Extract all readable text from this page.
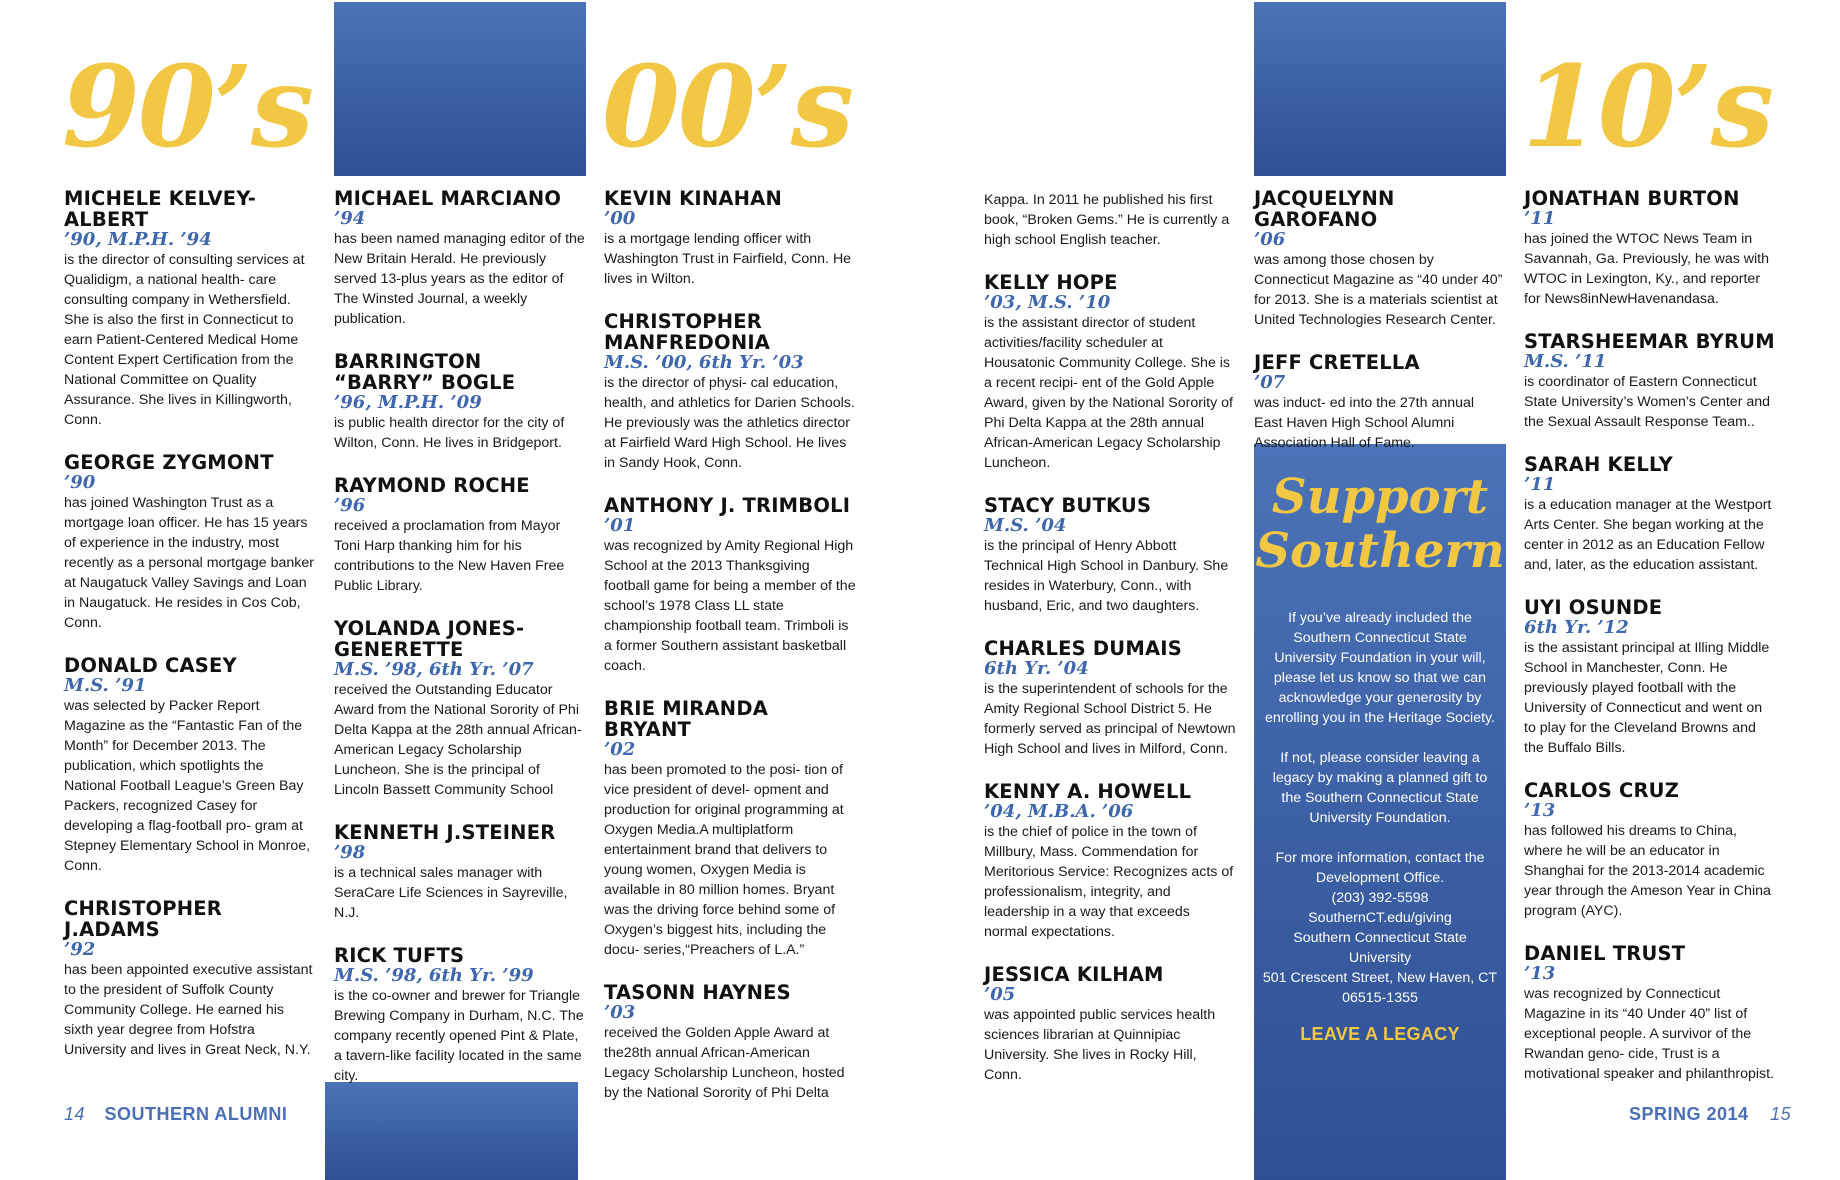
90’s	00’s	10’s
MICHELE KELVEY-ALBERT
’90, M.P.H. ’94
is the director of consulting services at Qualidigm, a national health- care consulting company in Wethersfield. She is also the first in Connecticut to earn Patient-Centered Medical Home Content Expert Certification from the National Committee on Quality Assurance. She lives in Killingworth, Conn.
GEORGE ZYGMONT
’90
has joined Washington Trust as a mortgage loan officer. He has 15 years of experience in the industry, most recently as a personal mortgage banker at Naugatuck Valley Savings and Loan in Naugatuck. He resides in Cos Cob, Conn.
DONALD CASEY
M.S. ’91
was selected by Packer Report Magazine as the “Fantastic Fan of the Month” for December 2013. The publication, which spotlights the National Football League’s Green Bay Packers, recognized Casey for developing a flag-football pro- gram at Stepney Elementary School in Monroe, Conn.
CHRISTOPHER J.ADAMS
’92
has been appointed executive assistant to the president of Suffolk County Community College. He earned his sixth year degree from Hofstra University and lives in Great Neck, N.Y.
MICHAEL MARCIANO
’94
has been named managing editor of the New Britain Herald. He previously served 13-plus years as the editor of The Winsted Journal, a weekly publication.
BARRINGTON “BARRY” BOGLE
’96, M.P.H. ’09
is public health director for the city of Wilton, Conn. He lives in Bridgeport.
RAYMOND ROCHE
’96
received a proclamation from Mayor Toni Harp thanking him for his contributions to the New Haven Free Public Library.
YOLANDA JONES-GENERETTE
M.S. ’98, 6th Yr. ’07
received the Outstanding Educator Award from the National Sorority of Phi Delta Kappa at the 28th annual African- American Legacy Scholarship Luncheon. She is the principal of Lincoln Bassett Community School
KENNETH J.STEINER
’98
is a technical sales manager with SeraCare Life Sciences in Sayreville, N.J.
RICK TUFTS
M.S. ’98, 6th Yr. ’99
is the co-owner and brewer for Triangle Brewing Company in Durham, N.C. The company recently opened Pint & Plate, a tavern-like facility located in the same city.
KEVIN KINAHAN
’00
is a mortgage lending officer with Washington Trust in Fairfield, Conn. He lives in Wilton.
CHRISTOPHER MANFREDONIA
M.S. ’00, 6th Yr. ’03
is the director of physi- cal education, health, and athletics for Darien Schools. He previously was the athletics director at Fairfield Ward High School. He lives in Sandy Hook, Conn.
ANTHONY J. TRIMBOLI
’01
was recognized by Amity Regional High School at the 2013 Thanksgiving football game for being a member of the school’s 1978 Class LL state championship football team. Trimboli is a former Southern assistant basketball coach.
BRIE MIRANDA BRYANT
’02
has been promoted to the posi- tion of vice president of devel- opment and production for original programming at Oxygen Media.A multiplatform entertainment brand that delivers to young women, Oxygen Media is available in 80 million homes. Bryant was the driving force behind some of Oxygen’s biggest hits, including the docu- series,“Preachers of L.A.”
TASONN HAYNES
’03
received the Golden Apple Award at the28th annual African-American Legacy Scholarship Luncheon, hosted by the National Sorority of Phi Delta
Kappa. In 2011 he published his first book, “Broken Gems.” He is currently a high school English teacher.
KELLY HOPE
’03, M.S. ’10
is the assistant director of student activities/facility scheduler at Housatonic Community College. She is a recent recipi- ent of the Gold Apple Award, given by the National Sorority of Phi Delta Kappa at the 28th annual African-American Legacy Scholarship Luncheon.
STACY BUTKUS
M.S. ’04
is the principal of Henry Abbott Technical High School in Danbury. She resides in Waterbury, Conn., with husband, Eric, and two daughters.
CHARLES DUMAIS
6th Yr. ’04
is the superintendent of schools for the Amity Regional School District 5. He formerly served as principal of Newtown High School and lives in Milford, Conn.
KENNY A. HOWELL
’04, M.B.A. ’06
is the chief of police in the town of Millbury, Mass. Commendation for Meritorious Service: Recognizes acts of professionalism, integrity, and leadership in a way that exceeds normal expectations.
JESSICA KILHAM
’05
was appointed public services health sciences librarian at Quinnipiac University. She lives in Rocky Hill, Conn.
JACQUELYNN GAROFANO
’06
was among those chosen by Connecticut Magazine as “40 under 40” for 2013. She is a materials scientist at United Technologies Research Center.
JEFF CRETELLA
’07
was induct- ed into the 27th annual East Haven High School Alumni Association Hall of Fame.
JONATHAN BURTON
’11
has joined the WTOC News Team in Savannah, Ga. Previously, he was with WTOC in Lexington, Ky., and reporter for News8inNewHavenandasa.
STARSHEEMAR BYRUM
M.S. ’11
is coordinator of Eastern Connecticut State University’s Women’s Center and the Sexual Assault Response Team..
SARAH KELLY
’11
is a education manager at the Westport Arts Center. She began working at the center in 2012 as an Education Fellow and, later, as the education assistant.
UYI OSUNDE
6th Yr. ’12
is the assistant principal at Illing Middle School in Manchester, Conn. He previously played football with the University of Connecticut and went on to play for the Cleveland Browns and the Buffalo Bills.
CARLOS CRUZ
’13
has followed his dreams to China, where he will be an educator in Shanghai for the 2013-2014 academic year through the Ameson Year in China program (AYC).
DANIEL TRUST
’13
was recognized by Connecticut Magazine in its “40 Under 40” list of exceptional people. A survivor of the Rwandan geno- cide, Trust is a motivational speaker and philanthropist.
Support
Southern

If you’ve already included the Southern Connecticut State University Foundation in your will, please let us know so that we can acknowledge your generosity by enrolling you in the Heritage Society.

If not, please consider leaving a legacy by making a planned gift to the Southern Connecticut State University Foundation.

For more information, contact the Development Office.
(203) 392-5598
SouthernCT.edu/giving
Southern Connecticut State University
501 Crescent Street, New Haven, CT 06515-1355
LEAVE A LEGACY
14 SOUTHERN ALUMNI	SPRING 2014 15
